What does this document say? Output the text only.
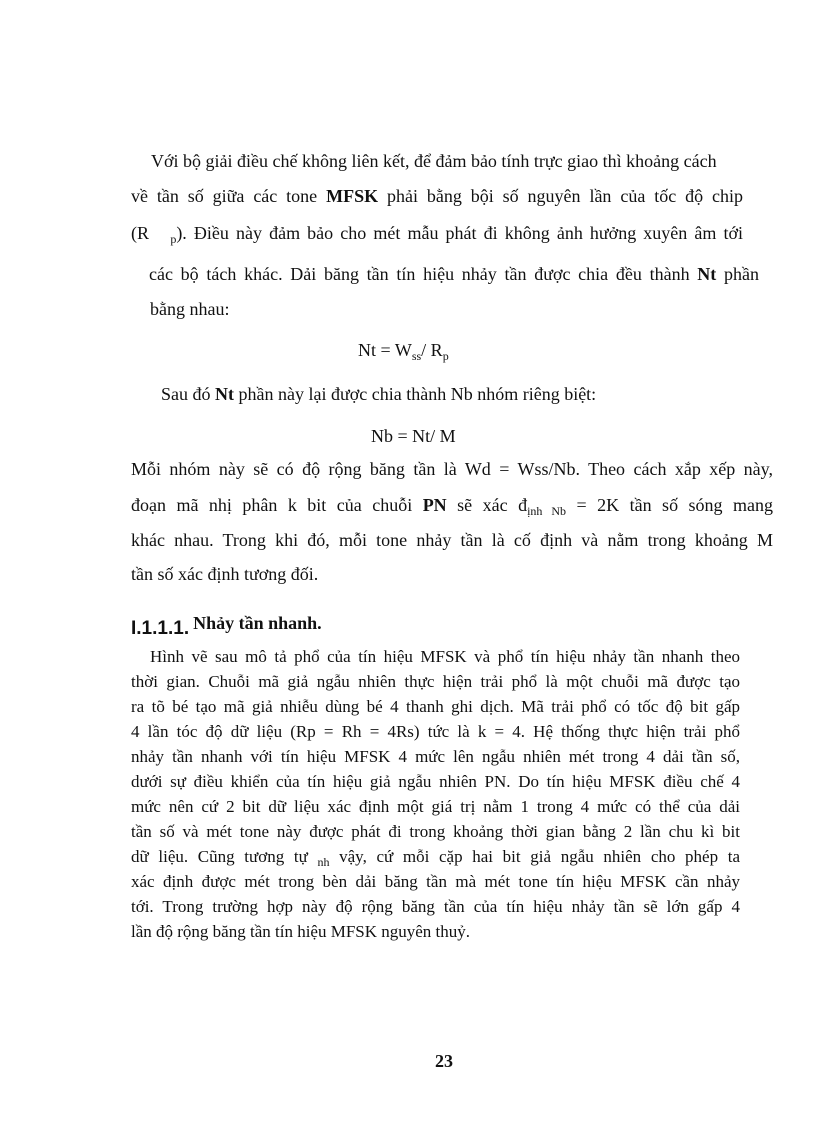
Với bộ giải điều chế không liên kết, để đảm bảo tính trực giao thì khoảng cách

về tần số giữa các tone MFSK phải bằng bội số nguyên lần của tốc độ chip

(R $_p$). Điều này đảm bảo cho mét mẫu phát đi không ảnh hưởng xuyên âm tới

các bộ tách khác. Dải băng tần tín hiệu nhảy tần được chia đều thành Nt phần

bằng nhau:

$Nt = W_{ss}/$ $R_p$

Sau đó Nt phần này lại được chia thành Nb nhóm riêng biệt:

Nb = Nt/ M

Mỗi nhóm này sẽ có độ rộng băng tần là Wd = Wss/Nb. Theo cách xắp xếp này,

đoạn mã nhị phân k bit của chuỗi PN sẽ xác $đ_{ịnh Nb} = 2K$ tần số sóng mang

khác nhau. Trong khi đó, mỗi tone nhảy tần là cố định và nằm trong khoảng M

tần số xác định tương đối.

I.1.1.1. Nhảy tần nhanh.

Hình vẽ sau mô tả phổ của tín hiệu MFSK và phổ tín hiệu nhảy tần nhanh theo

thời gian. Chuỗi mã giả ngẫu nhiên thực hiện trải phổ là một chuỗi mã được tạo

ra tõ bé tạo mã giả nhiễu dùng bé 4 thanh ghi dịch. Mã trải phổ có tốc độ bit gấp

4 lần tóc độ dữ liệu (Rp = Rh = 4Rs) tức là k = 4. Hệ thống thực hiện trải phổ

nhảy tần nhanh với tín hiệu MFSK 4 mức lên ngẫu nhiên mét trong 4 dải tần số,

dưới sự điều khiển của tín hiệu giả ngẫu nhiên PN. Do tín hiệu MFSK điều chế 4

mức nên cứ 2 bit dữ liệu xác định một giá trị nằm 1 trong 4 mức có thể của dải

tần số và mét tone này được phát đi trong khoảng thời gian bằng 2 lần chu kì bit

dữ liệu. Cũng tương tự $_{nh}$ vậy, cứ mỗi cặp hai bit giả ngẫu nhiên cho phép ta

xác định được mét trong bèn dải băng tần mà mét tone tín hiệu MFSK cần nhảy

tới. Trong trường hợp này độ rộng băng tần của tín hiệu nhảy tần sẽ lớn gấp 4

lần độ rộng băng tần tín hiệu MFSK nguyên thuỷ.

23
